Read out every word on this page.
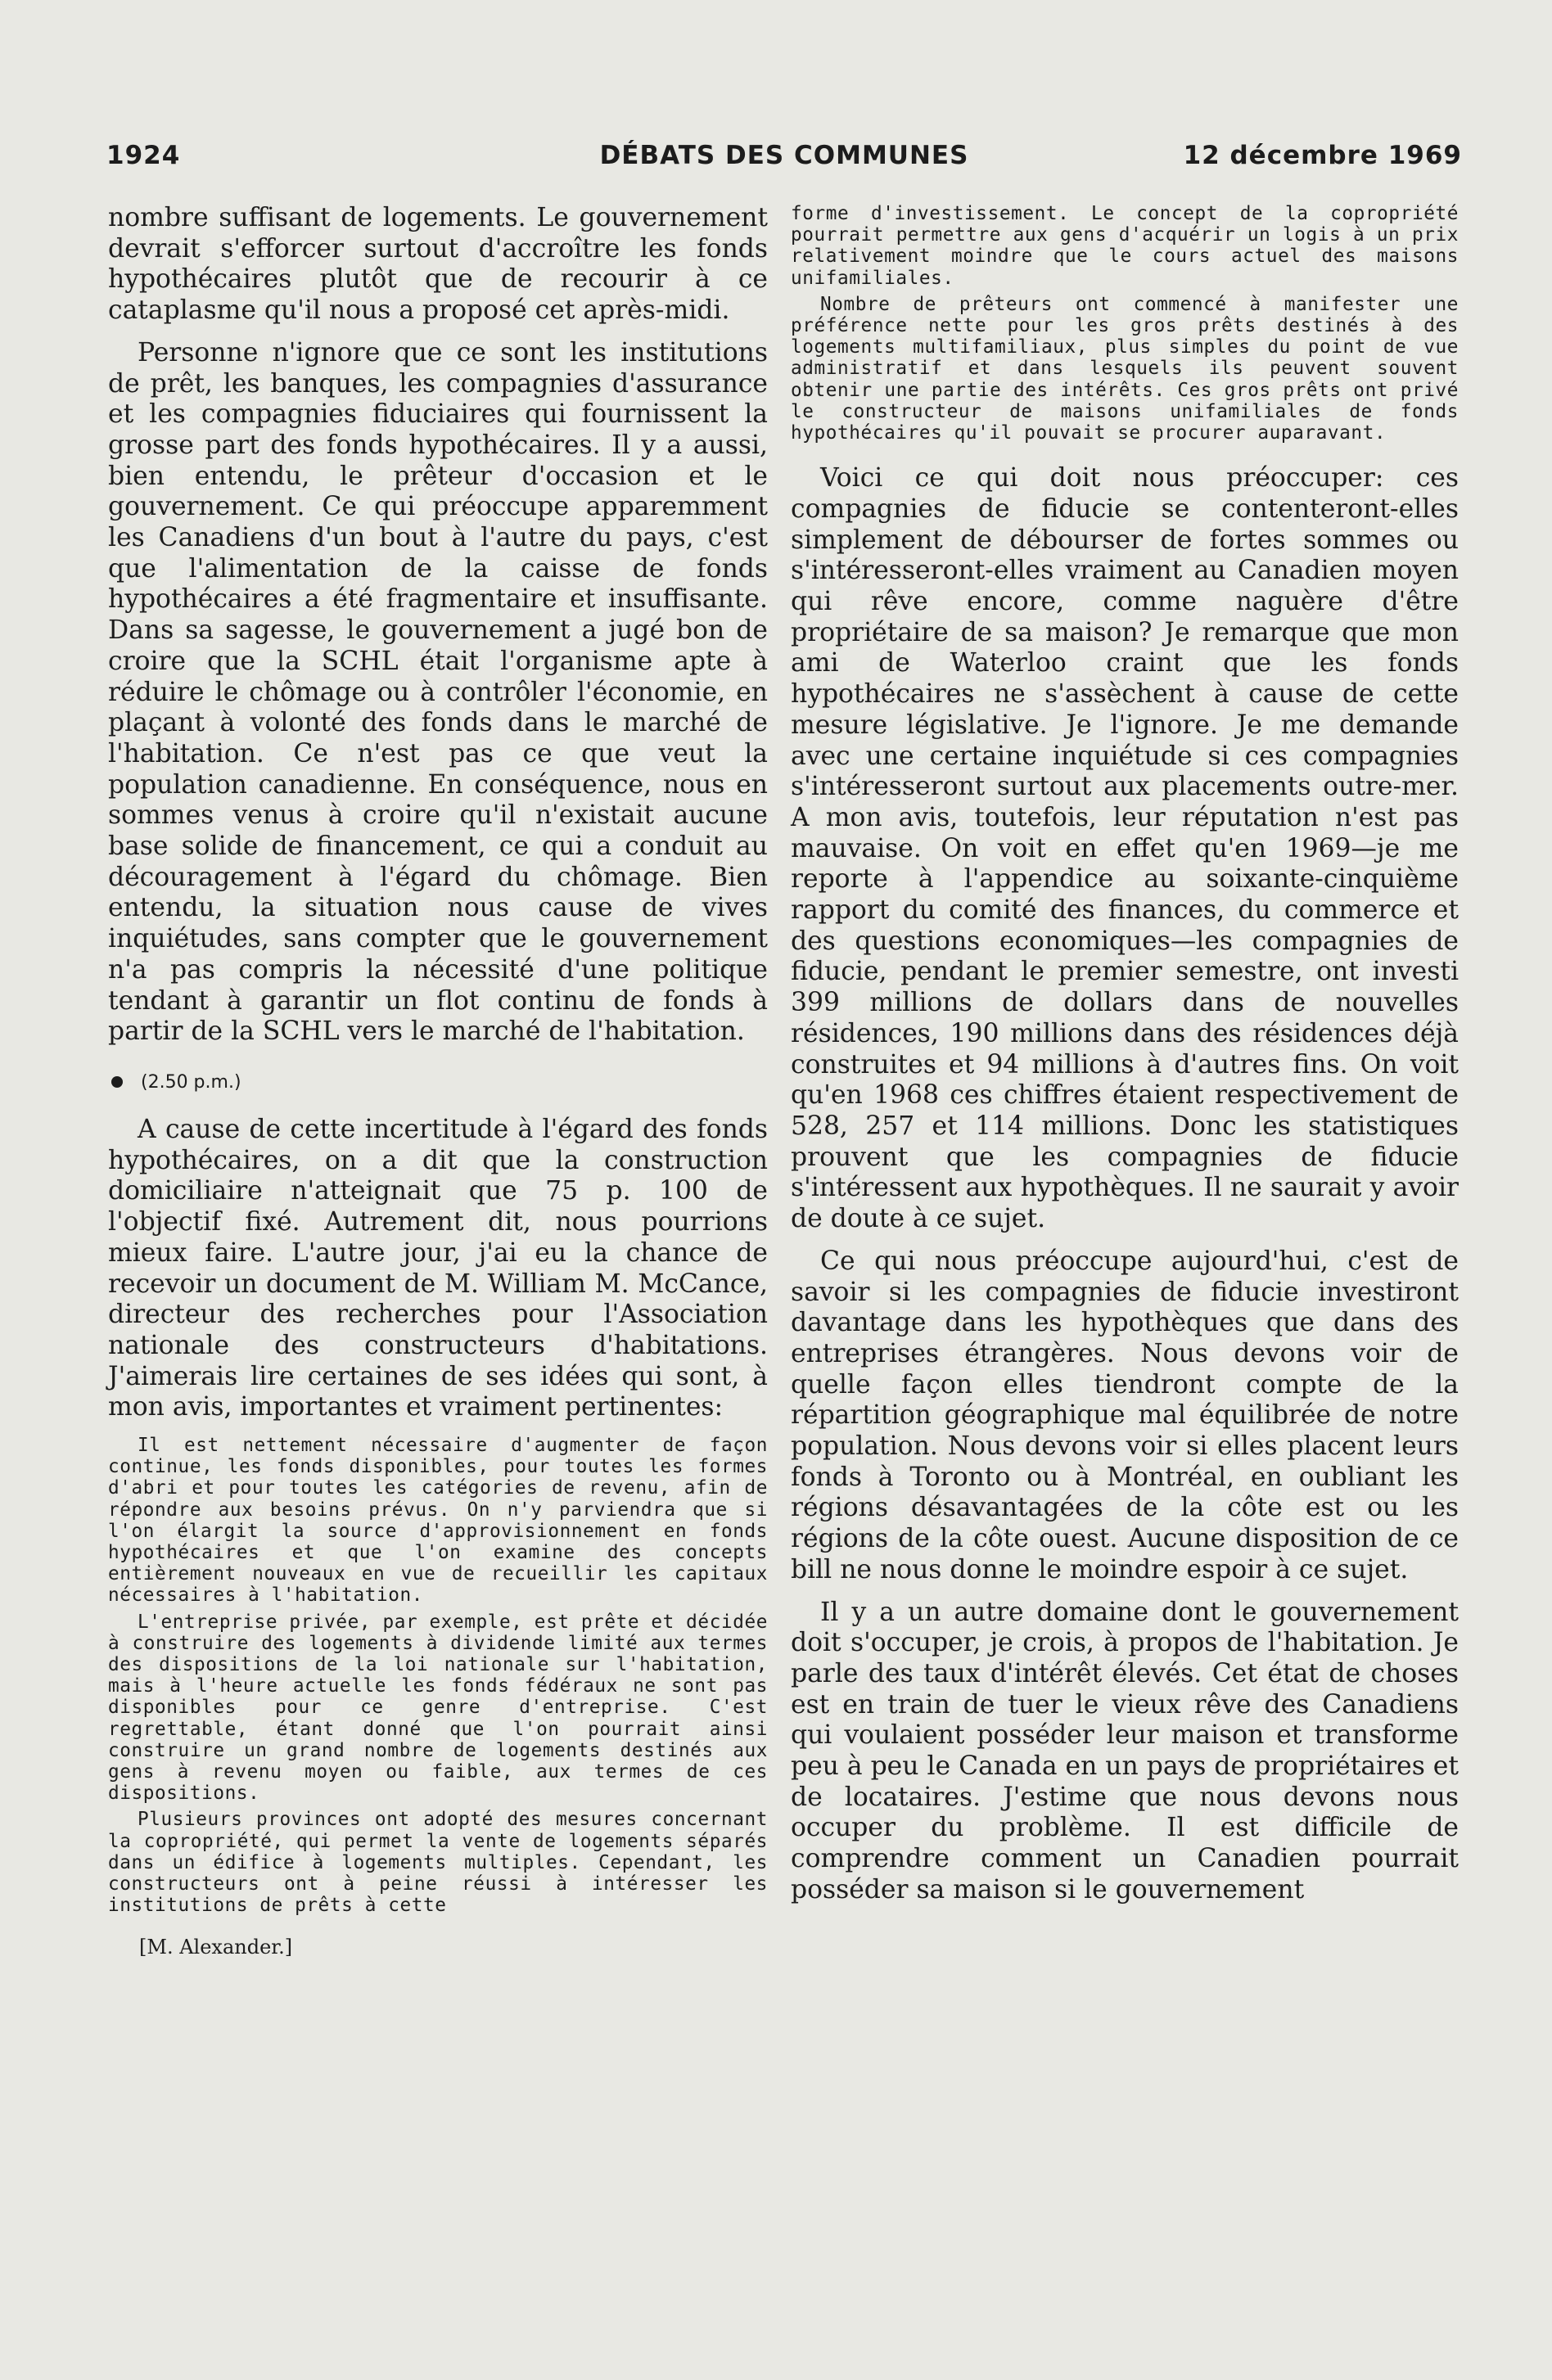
1924	DÉBATS DES COMMUNES	12 décembre 1969

nombre suffisant de logements. Le gouvernement devrait s'efforcer surtout d'accroître les fonds hypothécaires plutôt que de recourir à ce cataplasme qu'il nous a proposé cet après-midi.

Personne n'ignore que ce sont les institutions de prêt, les banques, les compagnies d'assurance et les compagnies fiduciaires qui fournissent la grosse part des fonds hypothécaires. Il y a aussi, bien entendu, le prêteur d'occasion et le gouvernement. Ce qui préoccupe apparemment les Canadiens d'un bout à l'autre du pays, c'est que l'alimentation de la caisse de fonds hypothécaires a été fragmentaire et insuffisante. Dans sa sagesse, le gouvernement a jugé bon de croire que la SCHL était l'organisme apte à réduire le chômage ou à contrôler l'économie, en plaçant à volonté des fonds dans le marché de l'habitation. Ce n'est pas ce que veut la population canadienne. En conséquence, nous en sommes venus à croire qu'il n'existait aucune base solide de financement, ce qui a conduit au découragement à l'égard du chômage. Bien entendu, la situation nous cause de vives inquiétudes, sans compter que le gouvernement n'a pas compris la nécessité d'une politique tendant à garantir un flot continu de fonds à partir de la SCHL vers le marché de l'habitation.

(2.50 p.m.)

A cause de cette incertitude à l'égard des fonds hypothécaires, on a dit que la construction domiciliaire n'atteignait que 75 p. 100 de l'objectif fixé. Autrement dit, nous pourrions mieux faire. L'autre jour, j'ai eu la chance de recevoir un document de M. William M. McCance, directeur des recherches pour l'Association nationale des constructeurs d'habitations. J'aimerais lire certaines de ses idées qui sont, à mon avis, importantes et vraiment pertinentes:

Il est nettement nécessaire d'augmenter de façon continue, les fonds disponibles, pour toutes les formes d'abri et pour toutes les catégories de revenu, afin de répondre aux besoins prévus. On n'y parviendra que si l'on élargit la source d'approvisionnement en fonds hypothécaires et que l'on examine des concepts entièrement nouveaux en vue de recueillir les capitaux nécessaires à l'habitation.

L'entreprise privée, par exemple, est prête et décidée à construire des logements à dividende limité aux termes des dispositions de la loi nationale sur l'habitation, mais à l'heure actuelle les fonds fédéraux ne sont pas disponibles pour ce genre d'entreprise. C'est regrettable, étant donné que l'on pourrait ainsi construire un grand nombre de logements destinés aux gens à revenu moyen ou faible, aux termes de ces dispositions.

Plusieurs provinces ont adopté des mesures concernant la copropriété, qui permet la vente de logements séparés dans un édifice à logements multiples. Cependant, les constructeurs ont à peine réussi à intéresser les institutions de prêts à cette

[M. Alexander.]

forme d'investissement. Le concept de la copropriété pourrait permettre aux gens d'acquérir un logis à un prix relativement moindre que le cours actuel des maisons unifamiliales.

Nombre de prêteurs ont commencé à manifester une préférence nette pour les gros prêts destinés à des logements multifamiliaux, plus simples du point de vue administratif et dans lesquels ils peuvent souvent obtenir une partie des intérêts. Ces gros prêts ont privé le constructeur de maisons unifamiliales de fonds hypothécaires qu'il pouvait se procurer auparavant.

Voici ce qui doit nous préoccuper: ces compagnies de fiducie se contenteront-elles simplement de débourser de fortes sommes ou s'intéresseront-elles vraiment au Canadien moyen qui rêve encore, comme naguère d'être propriétaire de sa maison? Je remarque que mon ami de Waterloo craint que les fonds hypothécaires ne s'assèchent à cause de cette mesure législative. Je l'ignore. Je me demande avec une certaine inquiétude si ces compagnies s'intéresseront surtout aux placements outre-mer. A mon avis, toutefois, leur réputation n'est pas mauvaise. On voit en effet qu'en 1969—je me reporte à l'appendice au soixante-cinquième rapport du comité des finances, du commerce et des questions economiques—les compagnies de fiducie, pendant le premier semestre, ont investi 399 millions de dollars dans de nouvelles résidences, 190 millions dans des résidences déjà construites et 94 millions à d'autres fins. On voit qu'en 1968 ces chiffres étaient respectivement de 528, 257 et 114 millions. Donc les statistiques prouvent que les compagnies de fiducie s'intéressent aux hypothèques. Il ne saurait y avoir de doute à ce sujet.

Ce qui nous préoccupe aujourd'hui, c'est de savoir si les compagnies de fiducie investiront davantage dans les hypothèques que dans des entreprises étrangères. Nous devons voir de quelle façon elles tiendront compte de la répartition géographique mal équilibrée de notre population. Nous devons voir si elles placent leurs fonds à Toronto ou à Montréal, en oubliant les régions désavantagées de la côte est ou les régions de la côte ouest. Aucune disposition de ce bill ne nous donne le moindre espoir à ce sujet.

Il y a un autre domaine dont le gouvernement doit s'occuper, je crois, à propos de l'habitation. Je parle des taux d'intérêt élevés. Cet état de choses est en train de tuer le vieux rêve des Canadiens qui voulaient posséder leur maison et transforme peu à peu le Canada en un pays de propriétaires et de locataires. J'estime que nous devons nous occuper du problème. Il est difficile de comprendre comment un Canadien pourrait posséder sa maison si le gouvernement
